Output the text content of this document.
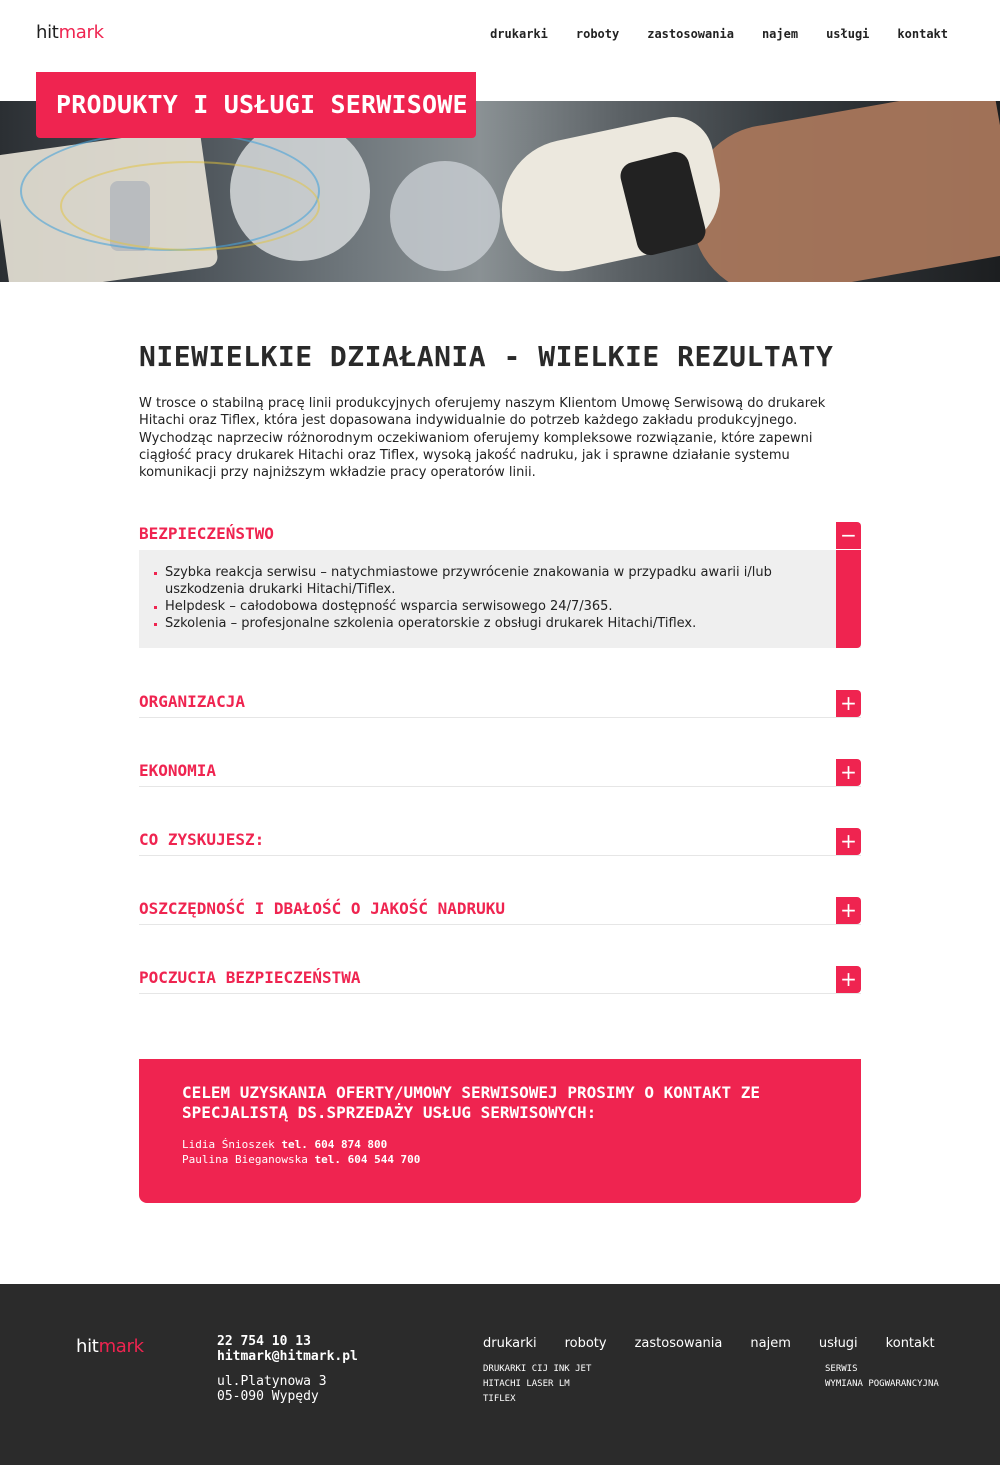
hitmark	drukarki roboty zastosowania najem usługi kontakt
PRODUKTY I USŁUGI SERWISOWE
NIEWIELKIE DZIAŁANIA - WIELKIE REZULTATY

W trosce o stabilną pracę linii produkcyjnych oferujemy naszym Klientom Umowę Serwisową do drukarek Hitachi oraz Tiflex, która jest dopasowana indywidualnie do potrzeb każdego zakładu produkcyjnego. Wychodząc naprzeciw różnorodnym oczekiwaniom oferujemy kompleksowe rozwiązanie, które zapewni ciągłość pracy drukarek Hitachi oraz Tiflex, wysoką jakość nadruku, jak i sprawne działanie systemu komunikacji przy najniższym wkładzie pracy operatorów linii.

BEZPIECZEŃSTWO	−
Szybka reakcja serwisu – natychmiastowe przywrócenie znakowania w przypadku awarii i/lub uszkodzenia drukarki Hitachi/Tiflex.
Helpdesk – całodobowa dostępność wsparcia serwisowego 24/7/365.
Szkolenia – profesjonalne szkolenia operatorskie z obsługi drukarek Hitachi/Tiflex.
ORGANIZACJA	+
EKONOMIA	+
CO ZYSKUJESZ:	+
OSZCZĘDNOŚĆ I DBAŁOŚĆ O JAKOŚĆ NADRUKU	+
POCZUCIA BEZPIECZEŃSTWA	+
CELEM UZYSKANIA OFERTY/UMOWY SERWISOWEJ PROSIMY O KONTAKT ZE SPECJALISTĄ DS.SPRZEDAŻY USŁUG SERWISOWYCH:
Lidia Śnioszek tel. 604 874 800
Paulina Bieganowska tel. 604 544 700
hitmark	22 754 10 13
hitmark@hitmark.pl
ul.Platynowa 3
05-090 Wypędy
drukarki roboty zastosowania najem usługi kontakt
DRUKARKI CIJ INK JET
HITACHI LASER LM
TIFLEX
SERWIS
WYMIANA POGWARANCYJNA
